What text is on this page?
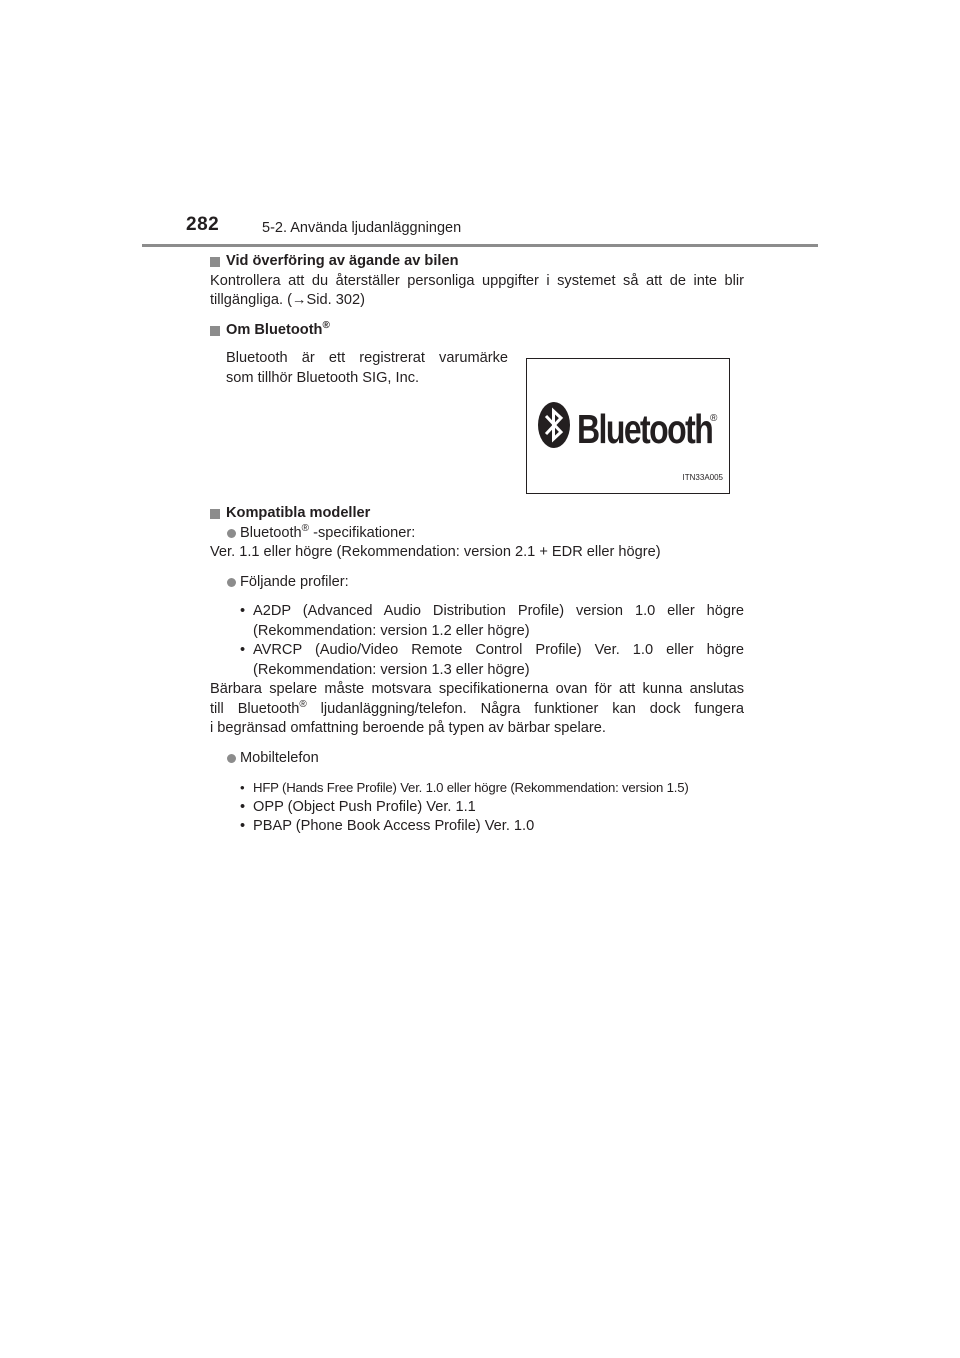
282	5-2. Använda ljudanläggningen

Vid överföring av ägande av bilen

Kontrollera att du återställer personliga uppgifter i systemet så att de inte blir

tillgängliga. (→Sid. 302)

Om Bluetooth®

Bluetooth är ett registrerat varumärke

som tillhör Bluetooth SIG, Inc.

Bluetooth
®
ITN33A005

Kompatibla modeller

Bluetooth® -specifikationer:

Ver. 1.1 eller högre (Rekommendation: version 2.1 + EDR eller högre)

Följande profiler:

• A2DP (Advanced Audio Distribution Profile) version 1.0 eller högre

(Rekommendation: version 1.2 eller högre)

• AVRCP (Audio/Video Remote Control Profile) Ver. 1.0 eller högre

(Rekommendation: version 1.3 eller högre)

Bärbara spelare måste motsvara specifikationerna ovan för att kunna anslutas

till Bluetooth® ljudanläggning/telefon. Några funktioner kan dock fungera

i begränsad omfattning beroende på typen av bärbar spelare.

Mobiltelefon

• HFP (Hands Free Profile) Ver. 1.0 eller högre (Rekommendation: version 1.5)

• OPP (Object Push Profile) Ver. 1.1

• PBAP (Phone Book Access Profile) Ver. 1.0
